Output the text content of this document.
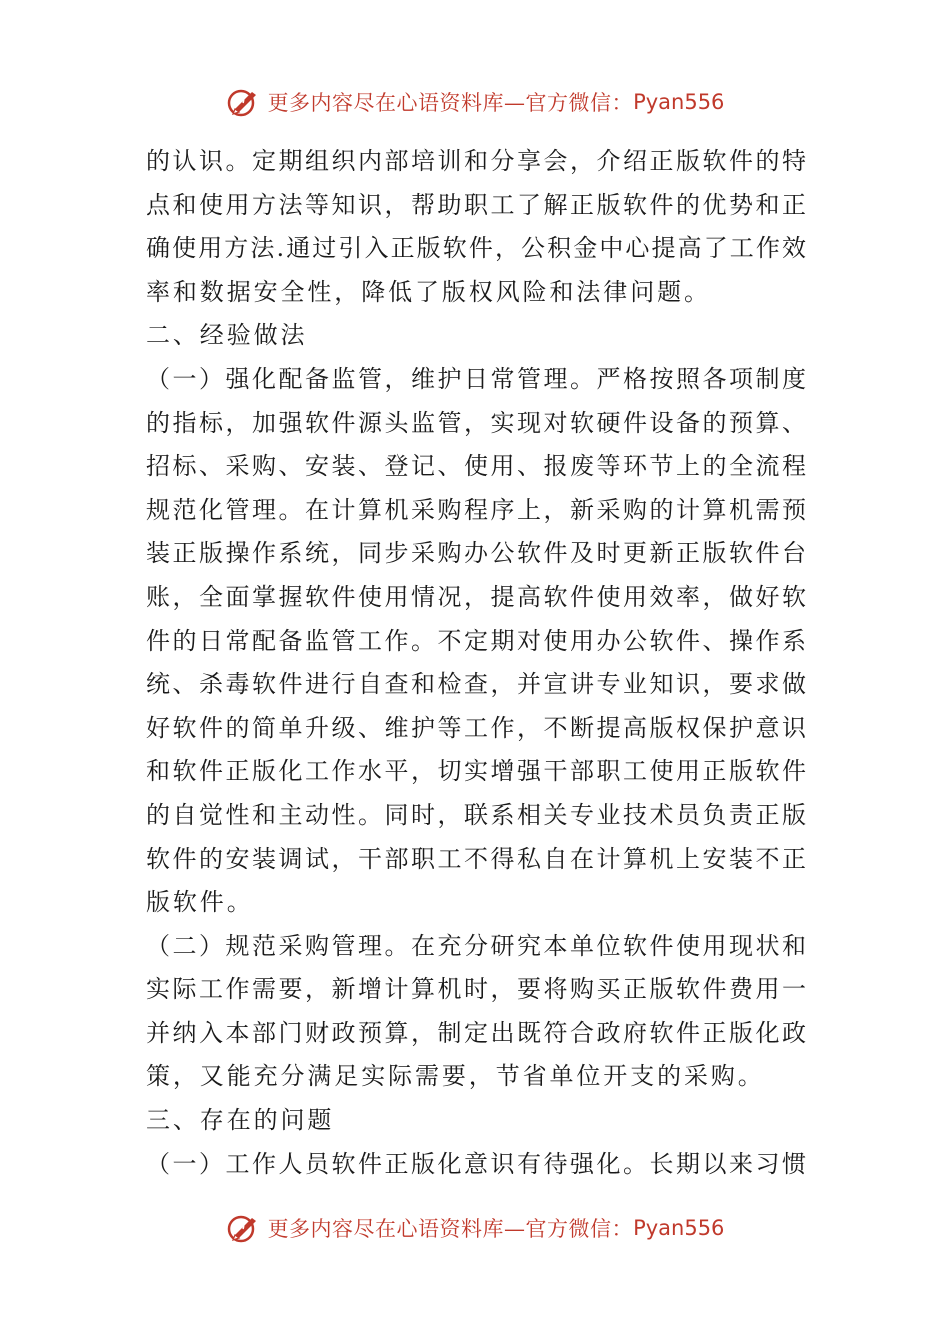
更多内容尽在心语资料库—官方微信： Pyan556
的认识。定期组织内部培训和分享会，介绍正版软件的特
点和使用方法等知识，帮助职工了解正版软件的优势和正
确使用方法.通过引入正版软件，公积金中心提高了工作效
率和数据安全性，降低了版权风险和法律问题。
二、经验做法
（一）强化配备监管，维护日常管理。严格按照各项制度
的指标，加强软件源头监管，实现对软硬件设备的预算、
招标、采购、安装、登记、使用、报废等环节上的全流程
规范化管理。在计算机采购程序上，新采购的计算机需预
装正版操作系统，同步采购办公软件及时更新正版软件台
账，全面掌握软件使用情况，提高软件使用效率，做好软
件的日常配备监管工作。不定期对使用办公软件、操作系
统、杀毒软件进行自查和检查，并宣讲专业知识，要求做
好软件的简单升级、维护等工作，不断提高版权保护意识
和软件正版化工作水平，切实增强干部职工使用正版软件
的自觉性和主动性。同时，联系相关专业技术员负责正版
软件的安装调试，干部职工不得私自在计算机上安装不正
版软件。
（二）规范采购管理。在充分研究本单位软件使用现状和
实际工作需要，新增计算机时，要将购买正版软件费用一
并纳入本部门财政预算，制定出既符合政府软件正版化政
策，又能充分满足实际需要，节省单位开支的采购。
三、存在的问题
（一）工作人员软件正版化意识有待强化。长期以来习惯
更多内容尽在心语资料库—官方微信： Pyan556
